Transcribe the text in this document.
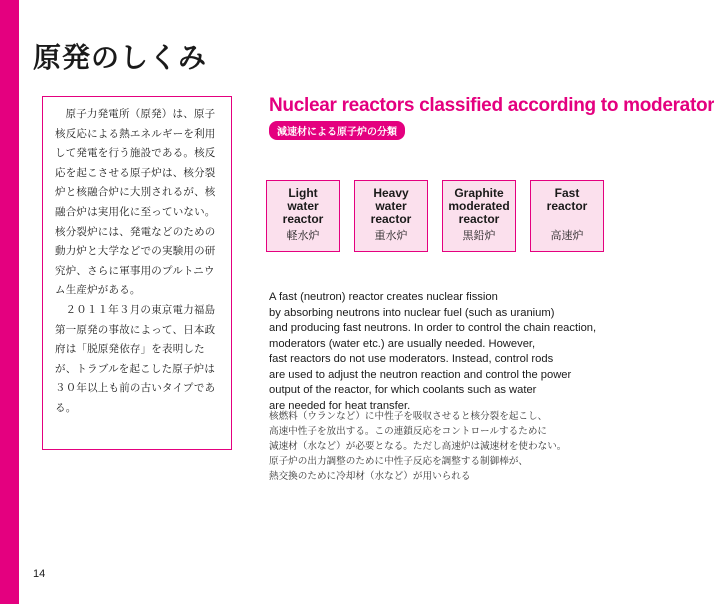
原発のしくみ

原子力発電所（原発）は、原子核反応による熱エネルギーを利用して発電を行う施設である。核反応を起こさせる原子炉は、核分裂炉と核融合炉に大別されるが、核融合炉は実用化に至っていない。核分裂炉には、発電などのための動力炉と大学などでの実験用の研究炉、さらに軍事用のプルトニウム生産炉がある。

２０１１年３月の東京電力福島第一原発の事故によって、日本政府は「脱原発依存」を表明したが、トラブルを起こした原子炉は３０年以上も前の古いタイプである。

Nuclear reactors classified according to moderator
減速材による原子炉の分類
Light
water
reactor
軽水炉
Heavy
water
reactor
重水炉
Graphite
moderated
reactor
黒鉛炉
Fast
reactor
高速炉
A fast (neutron) reactor creates nuclear fission
by absorbing neutrons into nuclear fuel (such as uranium)
and producing fast neutrons. In order to control the chain reaction,
moderators (water etc.) are usually needed. However,
fast reactors do not use moderators. Instead, control rods
are used to adjust the neutron reaction and control the power
output of the reactor, for which coolants such as water
are needed for heat transfer.
核燃料（ウランなど）に中性子を吸収させると核分裂を起こし、
高速中性子を放出する。この連鎖反応をコントロールするために
減速材（水など）が必要となる。ただし高速炉は減速材を使わない。
原子炉の出力調整のために中性子反応を調整する制御棒が、
熱交換のために冷却材（水など）が用いられる
14
